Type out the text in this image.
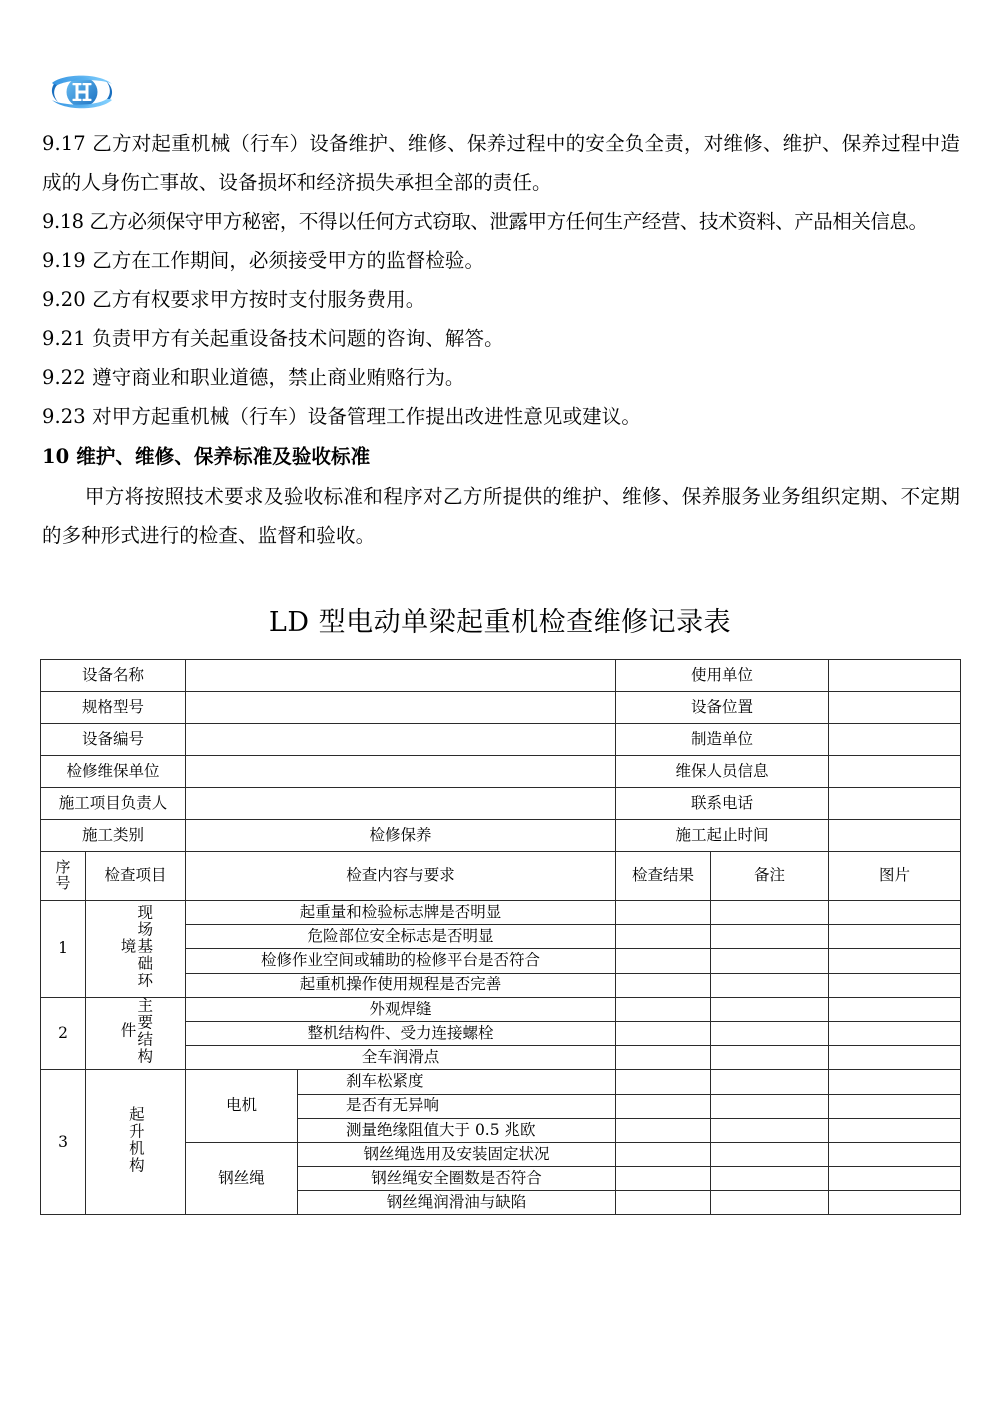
9.17 乙方对起重机械（行车）设备维护、维修、保养过程中的安全负全责，对维修、维护、保养过程中造成的人身伤亡事故、设备损坏和经济损失承担全部的责任。

9.18 乙方必须保守甲方秘密，不得以任何方式窃取、泄露甲方任何生产经营、技术资料、产品相关信息。

9.19 乙方在工作期间，必须接受甲方的监督检验。

9.20 乙方有权要求甲方按时支付服务费用。

9.21 负责甲方有关起重设备技术问题的咨询、解答。

9.22 遵守商业和职业道德，禁止商业贿赂行为。

9.23 对甲方起重机械（行车）设备管理工作提出改进性意见或建议。

10 维护、维修、保养标准及验收标准

甲方将按照技术要求及验收标准和程序对乙方所提供的维护、维修、保养服务业务组织定期、不定期的多种形式进行的检查、监督和验收。

LD 型电动单梁起重机检查维修记录表
设备名称				使用单位		
规格型号				设备位置		
设备编号				制造单位		
检修维保单位				维保人员信息		
施工项目负责人				联系电话		
施工类别		检修保养		施工起止时间		
序
号	检查项目	检查内容与要求		检查结果	备注	图片
1	现场基础环境	起重量和检验标志牌是否明显				
		危险部位安全标志是否明显				
		检修作业空间或辅助的检修平台是否符合				
		起重机操作使用规程是否完善				
2	主要结构件	外观焊缝				
		整机结构件、受力连接螺栓				
		全车润滑点				
3	起升机构	电机	刹车松紧度			
			是否有无异响			
			测量绝缘阻值大于 0.5 兆欧			
		钢丝绳	钢丝绳选用及安装固定状况			
			钢丝绳安全圈数是否符合			
			钢丝绳润滑油与缺陷			
